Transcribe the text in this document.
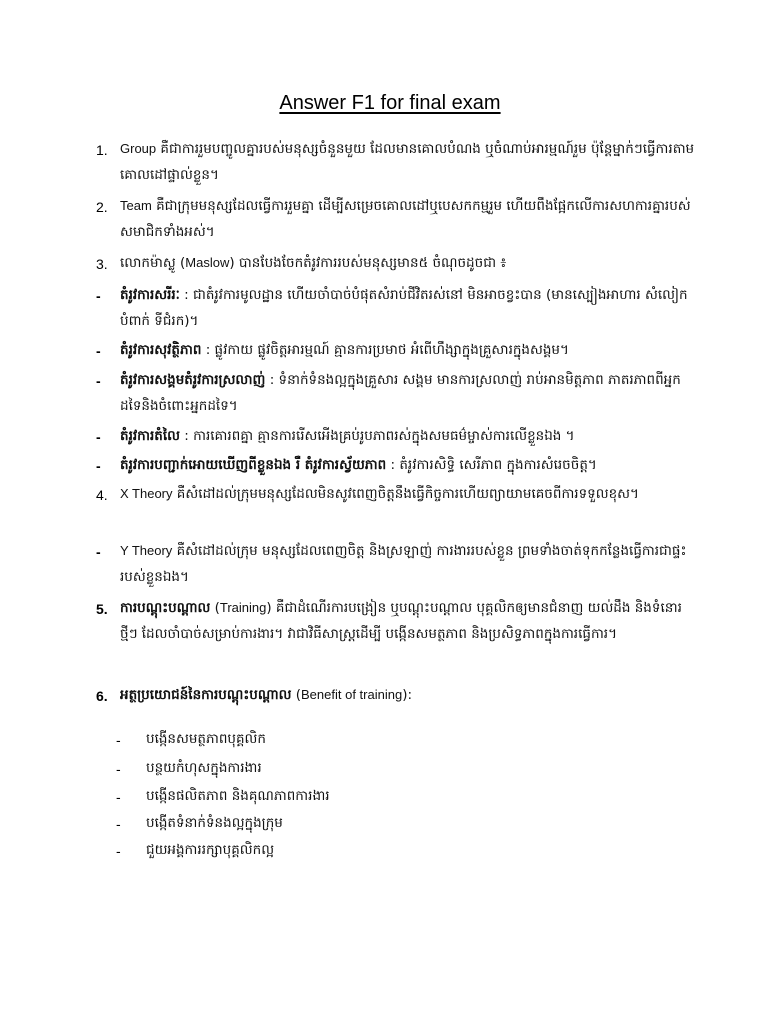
Answer F1 for final exam
1. Group គឺជាការរួមបញ្ចូលគ្នារបស់មនុស្សចំនួនមួយ ដែលមានគោលបំណង ឬចំណាប់អារម្មណ៍រួម ប៉ុន្តែម្នាក់ៗធ្វើការតាមគោលដៅផ្ទាល់ខ្លួន។
2. Team គឺជាក្រុមមនុស្សដែលធ្វើការរួមគ្នា ដើម្បីសម្រេចគោលដៅឬបេសកកម្មរួម ហើយពឹងផ្អែកលើការសហការគ្នារបស់សមាជិកទាំងអស់។
3. លោកម៉ាស្លូ (Maslow) បានបែងចែកតំរូវការរបស់មនុស្សមាន៥ ចំណុចដូចជា ៖
-	តំរូវការសរីរៈ : ជាតំរូវការមូលដ្ឋាន ហើយចាំបាច់បំផុតសំរាប់ជីវិតរស់នៅ មិនអាចខ្វះបាន (មានស្បៀងអាហារ សំលៀកបំពាក់ ទីជំរក)។
-	តំរូវការសុវត្ថិភាព : ផ្លូវកាយ ផ្លូវចិត្តអារម្មណ៍ គ្មានការប្រមាថ អំពើហឹង្សាក្នុងគ្រួសារក្នុងសង្គម។
-	តំរូវការសង្គមតំរូវការស្រលាញ់ : ទំនាក់ទំនងល្អក្នុងគ្រួសារ សង្គម មានការស្រលាញ់ រាប់អានមិត្តភាព ភាតរភាពពីអ្នកដទៃនិងចំពោះអ្នកដទៃ។
-	តំរូវការតំលៃ : ការគោរពគ្នា គ្មានការរើសអើងគ្រប់រូបភាពរស់ក្នុងសមធម៌ម្ចាស់ការលើខ្លួនឯង ។
-	តំរូវការបញ្ជាក់អោយឃើញពីខ្លួនឯង រឺ តំរូវការស្វ័យភាព : តំរូវការសិទ្ធិ សេរីភាព ក្នុងការសំរេចចិត្ត។
4. X Theory គឺសំដៅដល់ក្រុមមនុស្សដែលមិនសូវពេញចិត្តនឹងធ្វើកិច្ចការហើយព្យាយាមគេចពីការទទួលខុស។
-	Y Theory គឺសំដៅដល់ក្រុម មនុស្សដែលពេញចិត្ត និងស្រឡាញ់ ការងាររបស់ខ្លួន ព្រមទាំងចាត់ទុកកន្លែងធ្វើការជាផ្ទះរបស់ខ្លួនឯង។
5. ការបណ្តុះបណ្តាល (Training) គឺជាដំណើរការបង្រៀន ឬបណ្តុះបណ្តាល បុគ្គលិកឲ្យមានជំនាញ យល់ដឹង និងទំនោរថ្មីៗ ដែលចាំបាច់សម្រាប់ការងារ។ វាជាវិធីសាស្ត្រដើម្បី បង្កើនសមត្ថភាព និងប្រសិទ្ធភាពក្នុងការធ្វើការ។
6. អត្ថប្រយោជន៍នៃការបណ្តុះបណ្តាល (Benefit of training):
-	បង្កើនសមត្ថភាពបុគ្គលិក
-	បន្ថយកំហុសក្នុងការងារ
-	បង្កើនផលិតភាព និងគុណភាពការងារ
-	បង្កើតទំនាក់ទំនងល្អក្នុងក្រុម
-	ជួយអង្គការរក្សាបុគ្គលិកល្អ
